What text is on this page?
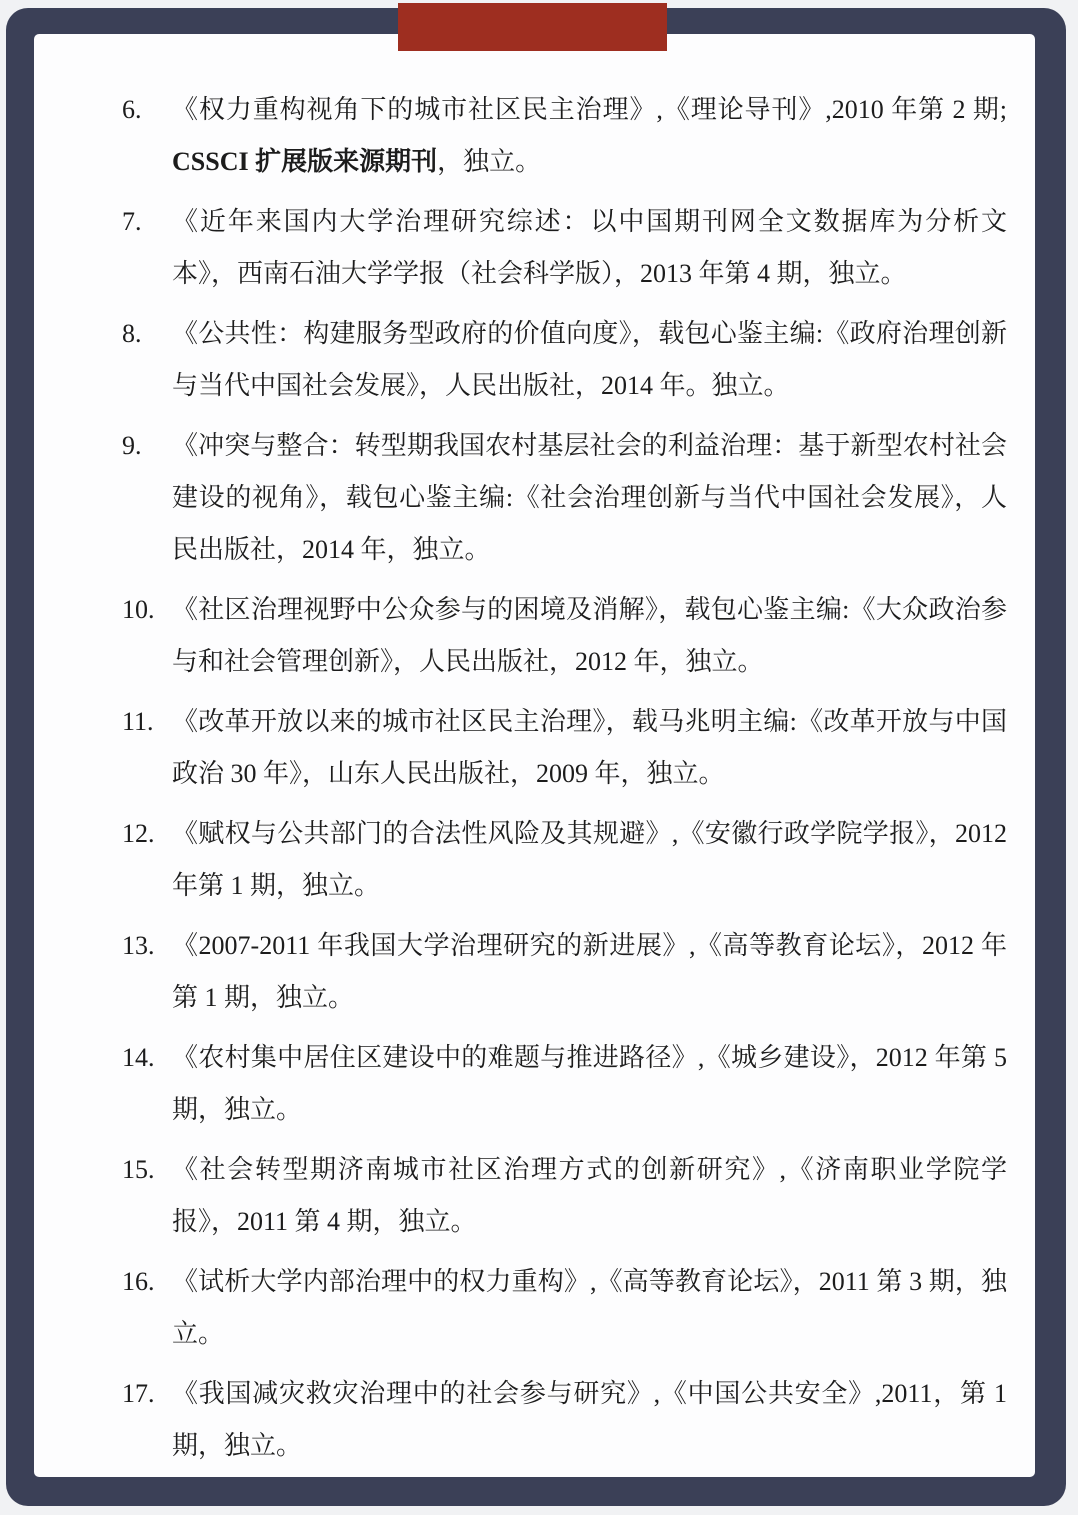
6.	《权力重构视角下的城市社区民主治理》,《理论导刊》,2010 年第 2 期; CSSCI 扩展版来源期刊，独立。
7.	《近年来国内大学治理研究综述：以中国期刊网全文数据库为分析文本》，西南石油大学学报（社会科学版），2013 年第 4 期，独立。
8.	《公共性：构建服务型政府的价值向度》，载包心鉴主编:《政府治理创新与当代中国社会发展》，人民出版社，2014 年。独立。
9.	《冲突与整合：转型期我国农村基层社会的利益治理：基于新型农村社会建设的视角》，载包心鉴主编:《社会治理创新与当代中国社会发展》，人民出版社，2014 年，独立。
10. 《社区治理视野中公众参与的困境及消解》，载包心鉴主编:《大众政治参与和社会管理创新》，人民出版社，2012 年，独立。
11. 《改革开放以来的城市社区民主治理》，载马兆明主编:《改革开放与中国政治 30 年》，山东人民出版社，2009 年，独立。
12. 《赋权与公共部门的合法性风险及其规避》,《安徽行政学院学报》，2012 年第 1 期，独立。
13. 《2007-2011 年我国大学治理研究的新进展》,《高等教育论坛》，2012 年第 1 期，独立。
14. 《农村集中居住区建设中的难题与推进路径》,《城乡建设》，2012 年第 5 期，独立。
15. 《社会转型期济南城市社区治理方式的创新研究》,《济南职业学院学报》，2011 第 4 期，独立。
16. 《试析大学内部治理中的权力重构》,《高等教育论坛》，2011 第 3 期，独立。
17. 《我国减灾救灾治理中的社会参与研究》,《中国公共安全》,2011，第 1 期，独立。
